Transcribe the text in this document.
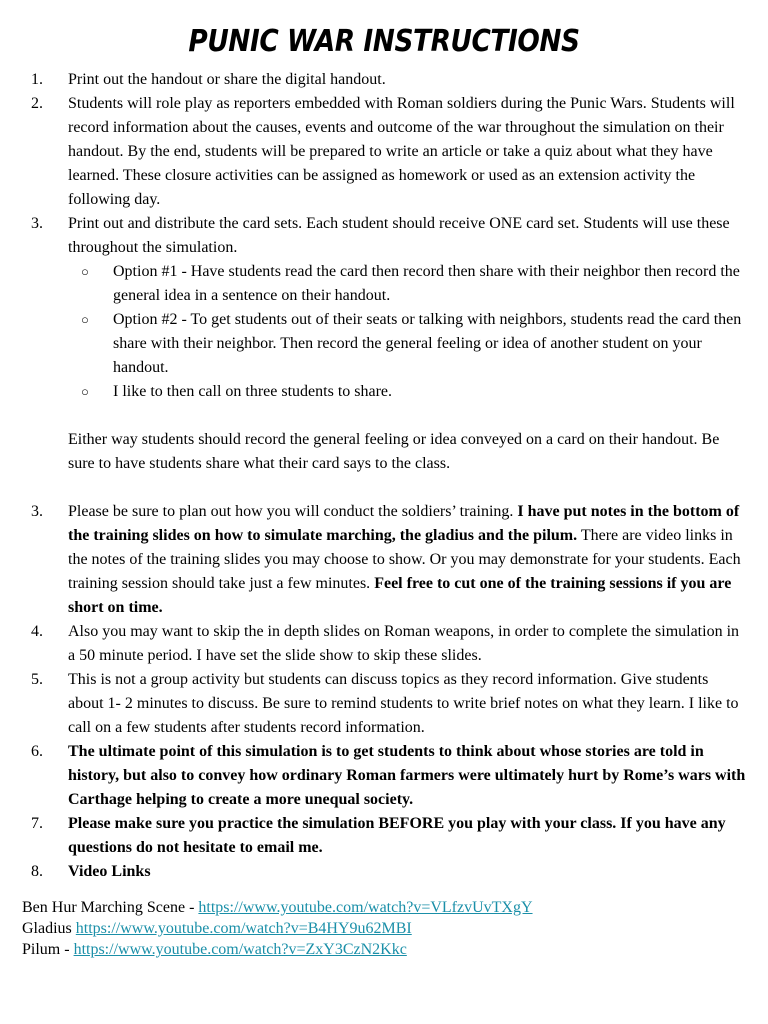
PUNIC WAR INSTRUCTIONS
1. Print out the handout or share the digital handout.
2. Students will role play as reporters embedded with Roman soldiers during the Punic Wars. Students will record information about the causes, events and outcome of the war throughout the simulation on their handout. By the end, students will be prepared to write an article or take a quiz about what they have learned. These closure activities can be assigned as homework or used as an extension activity the following day.
3. Print out and distribute the card sets. Each student should receive ONE card set. Students will use these throughout the simulation.
○ Option #1 - Have students read the card then record then share with their neighbor then record the general idea in a sentence on their handout.
○ Option #2 - To get students out of their seats or talking with neighbors, students read the card then share with their neighbor. Then record the general feeling or idea of another student on your handout.
○ I like to then call on three students to share.
Either way students should record the general feeling or idea conveyed on a card on their handout. Be sure to have students share what their card says to the class.
3. Please be sure to plan out how you will conduct the soldiers’ training. I have put notes in the bottom of the training slides on how to simulate marching, the gladius and the pilum. There are video links in the notes of the training slides you may choose to show. Or you may demonstrate for your students. Each training session should take just a few minutes. Feel free to cut one of the training sessions if you are short on time.
4. Also you may want to skip the in depth slides on Roman weapons, in order to complete the simulation in a 50 minute period. I have set the slide show to skip these slides.
5. This is not a group activity but students can discuss topics as they record information. Give students about 1- 2 minutes to discuss. Be sure to remind students to write brief notes on what they learn. I like to call on a few students after students record information.
6. The ultimate point of this simulation is to get students to think about whose stories are told in history, but also to convey how ordinary Roman farmers were ultimately hurt by Rome’s wars with Carthage helping to create a more unequal society.
7. Please make sure you practice the simulation BEFORE you play with your class. If you have any questions do not hesitate to email me.
8. Video Links
Ben Hur Marching Scene - https://www.youtube.com/watch?v=VLfzvUvTXgY
Gladius https://www.youtube.com/watch?v=B4HY9u62MBI
Pilum - https://www.youtube.com/watch?v=ZxY3CzN2Kkc
